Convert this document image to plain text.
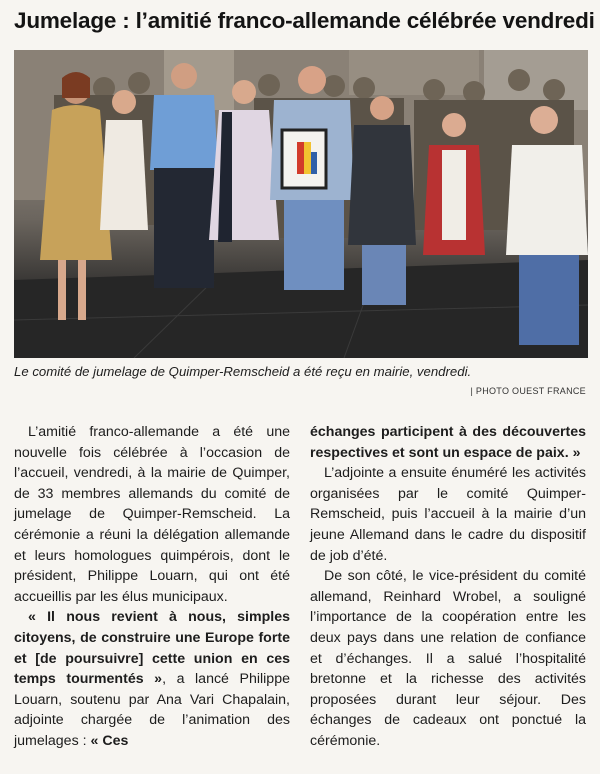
Jumelage : l’amitié franco-allemande célébrée vendredi
Le comité de jumelage de Quimper-Remscheid a été reçu en mairie, vendredi.
| PHOTO OUEST FRANCE

L’amitié franco-allemande a été une nouvelle fois célébrée à l’occasion de l’accueil, vendredi, à la mairie de Quimper, de 33 membres allemands du comité de jumelage de Quimper-Remscheid. La cérémonie a réuni la délégation allemande et leurs homologues quimpérois, dont le président, Philippe Louarn, qui ont été accueillis par les élus municipaux.

« Il nous revient à nous, simples citoyens, de construire une Europe forte et [de poursuivre] cette union en ces temps tourmentés », a lancé Philippe Louarn, soutenu par Ana Vari Chapalain, adjointe chargée de l’animation des jumelages : « Ces

échanges participent à des découvertes respectives et sont un espace de paix. »

L’adjointe a ensuite énuméré les activités organisées par le comité Quimper-Remscheid, puis l’accueil à la mairie d’un jeune Allemand dans le cadre du dispositif de job d’été.

De son côté, le vice-président du comité allemand, Reinhard Wrobel, a souligné l’importance de la coopération entre les deux pays dans une relation de confiance et d’échanges. Il a salué l’hospitalité bretonne et la richesse des activités proposées durant leur séjour. Des échanges de cadeaux ont ponctué la cérémonie.
